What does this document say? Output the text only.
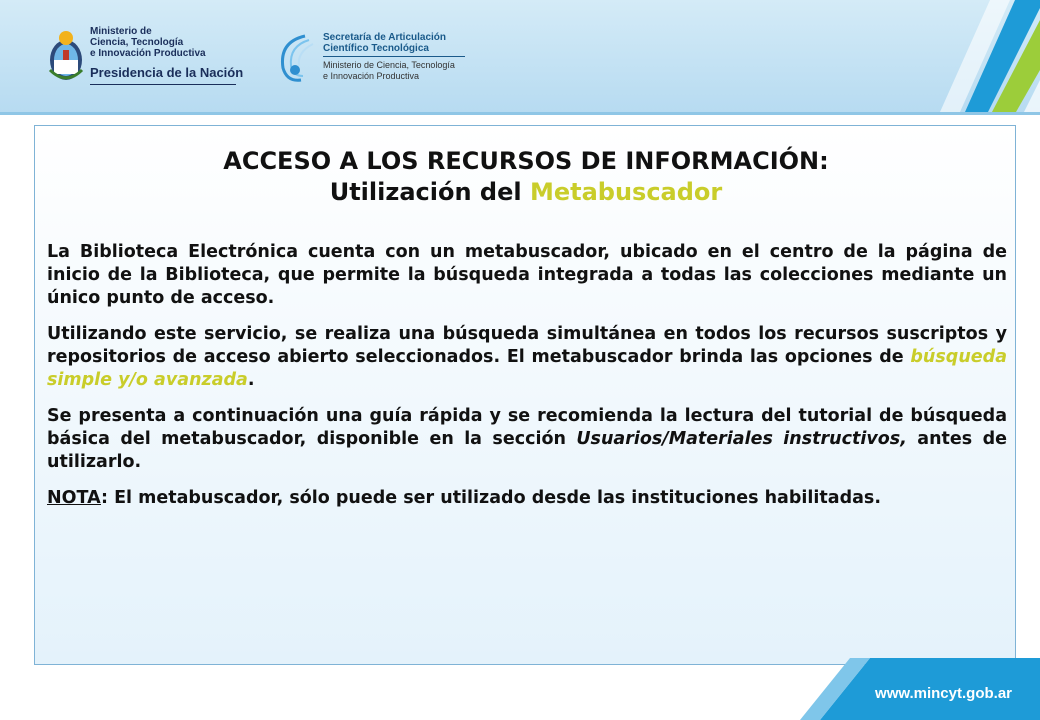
Ministerio de
Ciencia, Tecnología
e Innovación Productiva
Presidencia de la Nación
Secretaría de Articulación
Científico Tecnológica
Ministerio de Ciencia, Tecnología
e Innovación Productiva
ACCESO A LOS RECURSOS DE INFORMACIÓN:
Utilización del Metabuscador

La Biblioteca Electrónica cuenta con un metabuscador, ubicado en el centro de la página de inicio de la Biblioteca, que permite la búsqueda integrada a todas las colecciones mediante un único punto de acceso.

Utilizando este servicio, se realiza una búsqueda simultánea en todos los recursos suscriptos y repositorios de acceso abierto seleccionados. El metabuscador brinda las opciones de búsqueda simple y/o avanzada.

Se presenta a continuación una guía rápida y se recomienda la lectura del tutorial de búsqueda básica del metabuscador, disponible en la sección Usuarios/Materiales instructivos, antes de utilizarlo.

NOTA: El metabuscador, sólo puede ser utilizado desde las instituciones habilitadas.

www.mincyt.gob.ar
